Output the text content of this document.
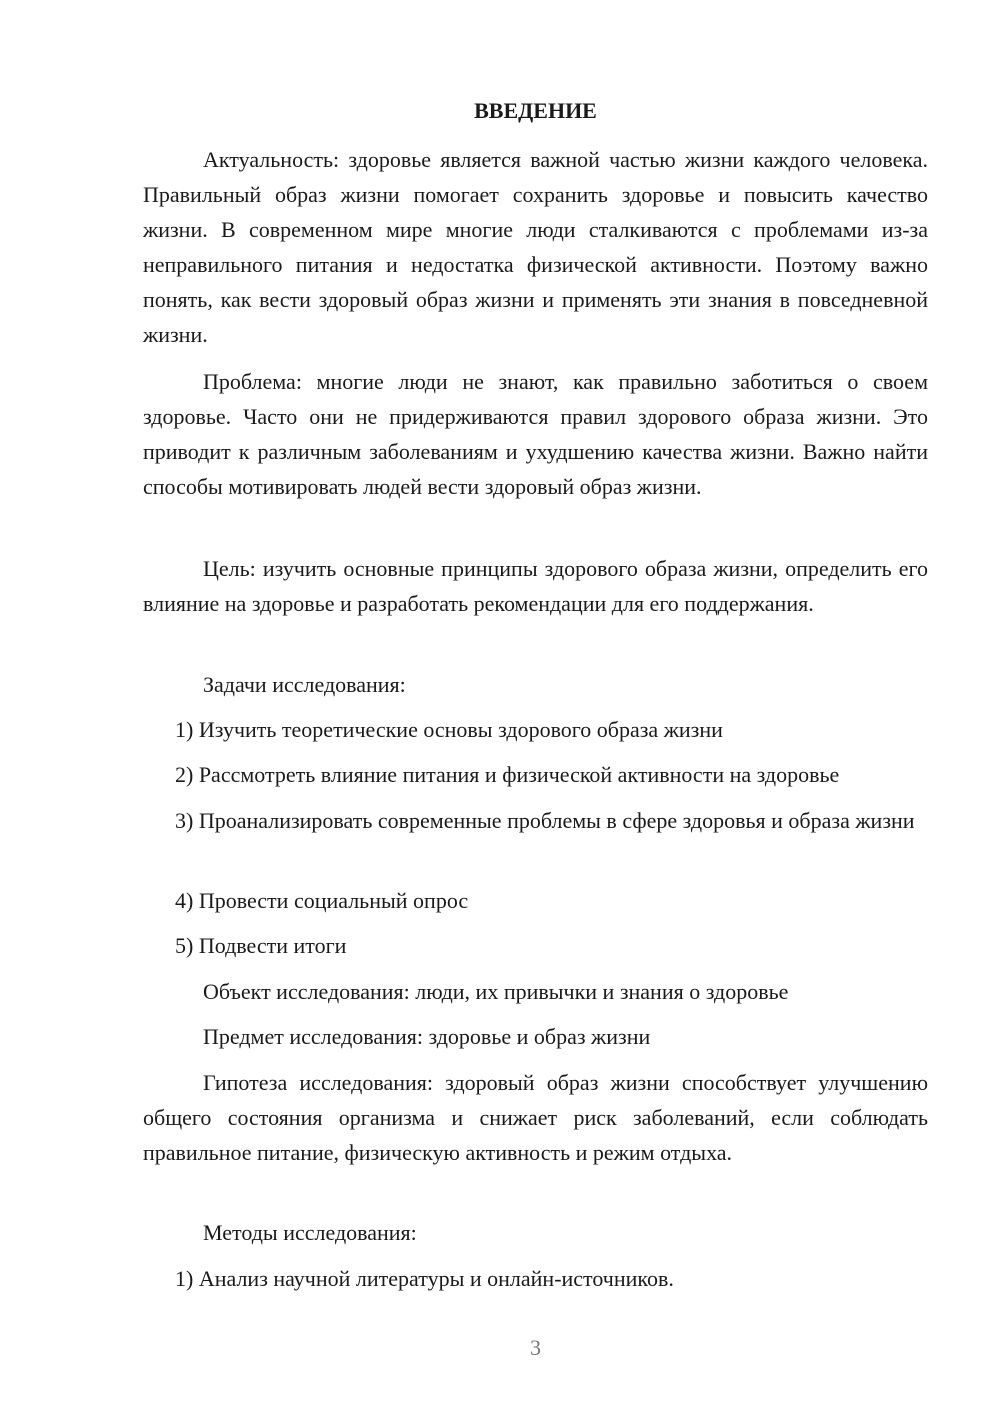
ВВЕДЕНИЕ

Актуальность: здоровье является важной частью жизни каждого человека. Правильный образ жизни помогает сохранить здоровье и повысить качество жизни. В современном мире многие люди сталкиваются с проблемами из-за неправильного питания и недостатка физической активности. Поэтому важно понять, как вести здоровый образ жизни и применять эти знания в повседневной жизни.

Проблема: многие люди не знают, как правильно заботиться о своем здоровье. Часто они не придерживаются правил здорового образа жизни. Это приводит к различным заболеваниям и ухудшению качества жизни. Важно найти способы мотивировать людей вести здоровый образ жизни.

Цель: изучить основные принципы здорового образа жизни, определить его влияние на здоровье и разработать рекомендации для его поддержания.

Задачи исследования:

1) Изучить теоретические основы здорового образа жизни

2) Рассмотреть влияние питания и физической активности на здоровье

3) Проанализировать современные проблемы в сфере здоровья и образа жизни

4) Провести социальный опрос

5) Подвести итоги

Объект исследования: люди, их привычки и знания о здоровье

Предмет исследования: здоровье и образ жизни

Гипотеза исследования: здоровый образ жизни способствует улучшению общего состояния организма и снижает риск заболеваний, если соблюдать правильное питание, физическую активность и режим отдыха.

Методы исследования:

1) Анализ научной литературы и онлайн-источников.

3
